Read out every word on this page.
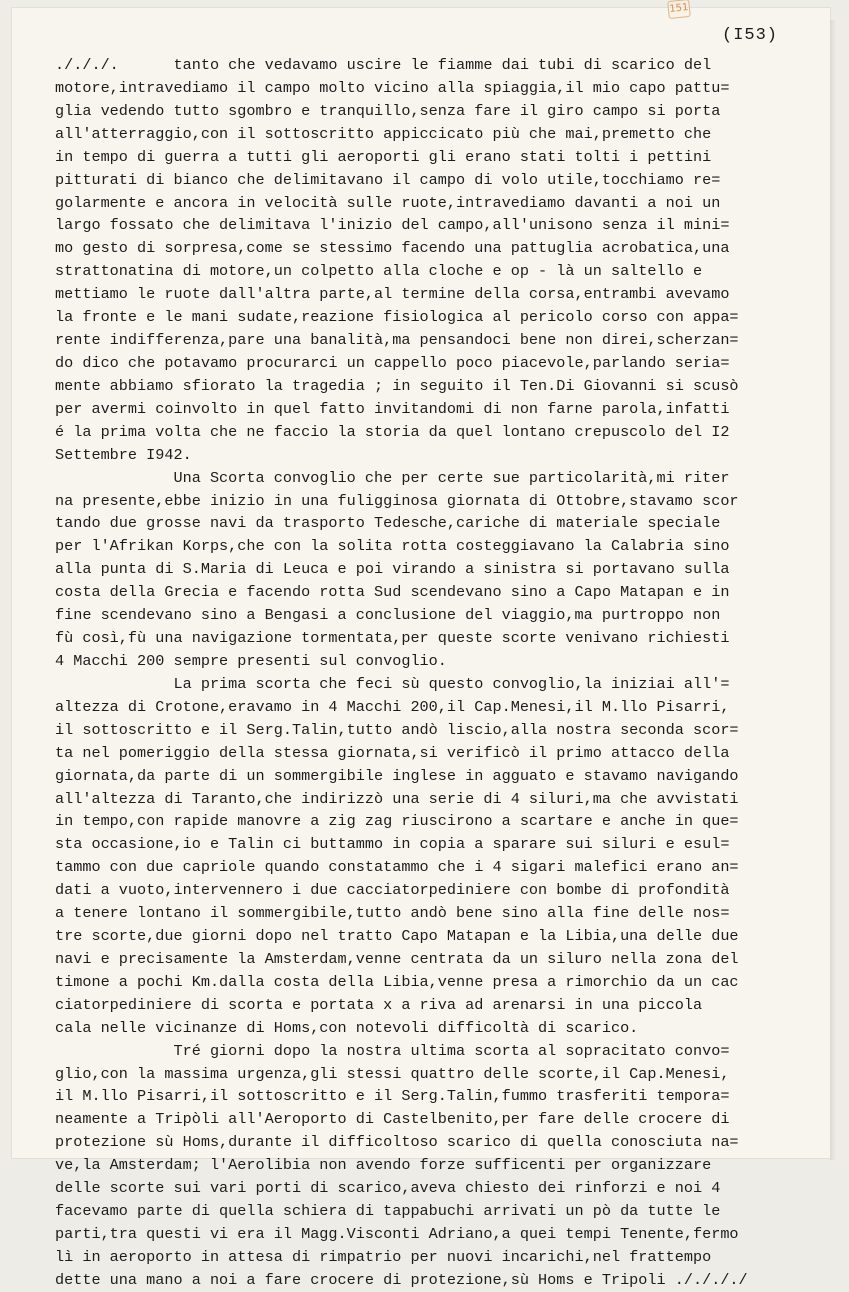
151
(I53)
./././.      tanto che vedavamo uscire le fiamme dai tubi di scarico del
motore,intravediamo il campo molto vicino alla spiaggia,il mio capo pattu=
glia vedendo tutto sgombro e tranquillo,senza fare il giro campo si porta
all'atterraggio,con il sottoscritto appiccicato più che mai,premetto che
in tempo di guerra a tutti gli aeroporti gli erano stati tolti i pettini
pitturati di bianco che delimitavano il campo di volo utile,tocchiamo re=
golarmente e ancora in velocità sulle ruote,intravediamo davanti a noi un
largo fossato che delimitava l'inizio del campo,all'unisono senza il mini=
mo gesto di sorpresa,come se stessimo facendo una pattuglia acrobatica,una
strattonatina di motore,un colpetto alla cloche e op - là un saltello e
mettiamo le ruote dall'altra parte,al termine della corsa,entrambi avevamo
la fronte e le mani sudate,reazione fisiologica al pericolo corso con appa=
rente indifferenza,pare una banalità,ma pensandoci bene non direi,scherzan=
do dico che potavamo procurarci un cappello poco piacevole,parlando seria=
mente abbiamo sfiorato la tragedia ; in seguito il Ten.Di Giovanni si scusò
per avermi coinvolto in quel fatto invitandomi di non farne parola,infatti
é la prima volta che ne faccio la storia da quel lontano crepuscolo del I2
Settembre I942.
Una Scorta convoglio che per certe sue particolarità,mi riter
na presente,ebbe inizio in una fuligginosa giornata di Ottobre,stavamo scor
tando due grosse navi da trasporto Tedesche,cariche di materiale speciale
per l'Afrikan Korps,che con la solita rotta costeggiavano la Calabria sino
alla punta di S.Maria di Leuca e poi virando a sinistra si portavano sulla
costa della Grecia e facendo rotta Sud scendevano sino a Capo Matapan e in
fine scendevano sino a Bengasi a conclusione del viaggio,ma purtroppo non
fù così,fù una navigazione tormentata,per queste scorte venivano richiesti
4 Macchi 200 sempre presenti sul convoglio.
La prima scorta che feci sù questo convoglio,la iniziai all'=
altezza di Crotone,eravamo in 4 Macchi 200,il Cap.Menesi,il M.llo Pisarri,
il sottoscritto e il Serg.Talin,tutto andò liscio,alla nostra seconda scor=
ta nel pomeriggio della stessa giornata,si verificò il primo attacco della
giornata,da parte di un sommergibile inglese in agguato e stavamo navigando
all'altezza di Taranto,che indirizzò una serie di 4 siluri,ma che avvistati
in tempo,con rapide manovre a zig zag riuscirono a scartare e anche in que=
sta occasione,io e Talin ci buttammo in copia a sparare sui siluri e esul=
tammo con due capriole quando constatammo che i 4 sigari malefici erano an=
dati a vuoto,intervennero i due cacciatorpediniere con bombe di profondità
a tenere lontano il sommergibile,tutto andò bene sino alla fine delle nos=
tre scorte,due giorni dopo nel tratto Capo Matapan e la Libia,una delle due
navi e precisamente la Amsterdam,venne centrata da un siluro nella zona del
timone a pochi Km.dalla costa della Libia,venne presa a rimorchio da un cac
ciatorpediniere di scorta e portata x a riva ad arenarsi in una piccola
cala nelle vicinanze di Homs,con notevoli difficoltà di scarico.
Tré giorni dopo la nostra ultima scorta al sopracitato convo=
glio,con la massima urgenza,gli stessi quattro delle scorte,il Cap.Menesi,
il M.llo Pisarri,il sottoscritto e il Serg.Talin,fummo trasferiti tempora=
neamente a Tripòli all'Aeroporto di Castelbenito,per fare delle crocere di
protezione sù Homs,durante il difficoltoso scarico di quella conosciuta na=
ve,la Amsterdam; l'Aerolibia non avendo forze sufficenti per organizzare
delle scorte sui vari porti di scarico,aveva chiesto dei rinforzi e noi 4
facevamo parte di quella schiera di tappabuchi arrivati un pò da tutte le
parti,tra questi vi era il Magg.Visconti Adriano,a quei tempi Tenente,fermo
lì in aeroporto in attesa di rimpatrio per nuovi incarichi,nel frattempo
dette una mano a noi a fare crocere di protezione,sù Homs e Tripoli ././././
